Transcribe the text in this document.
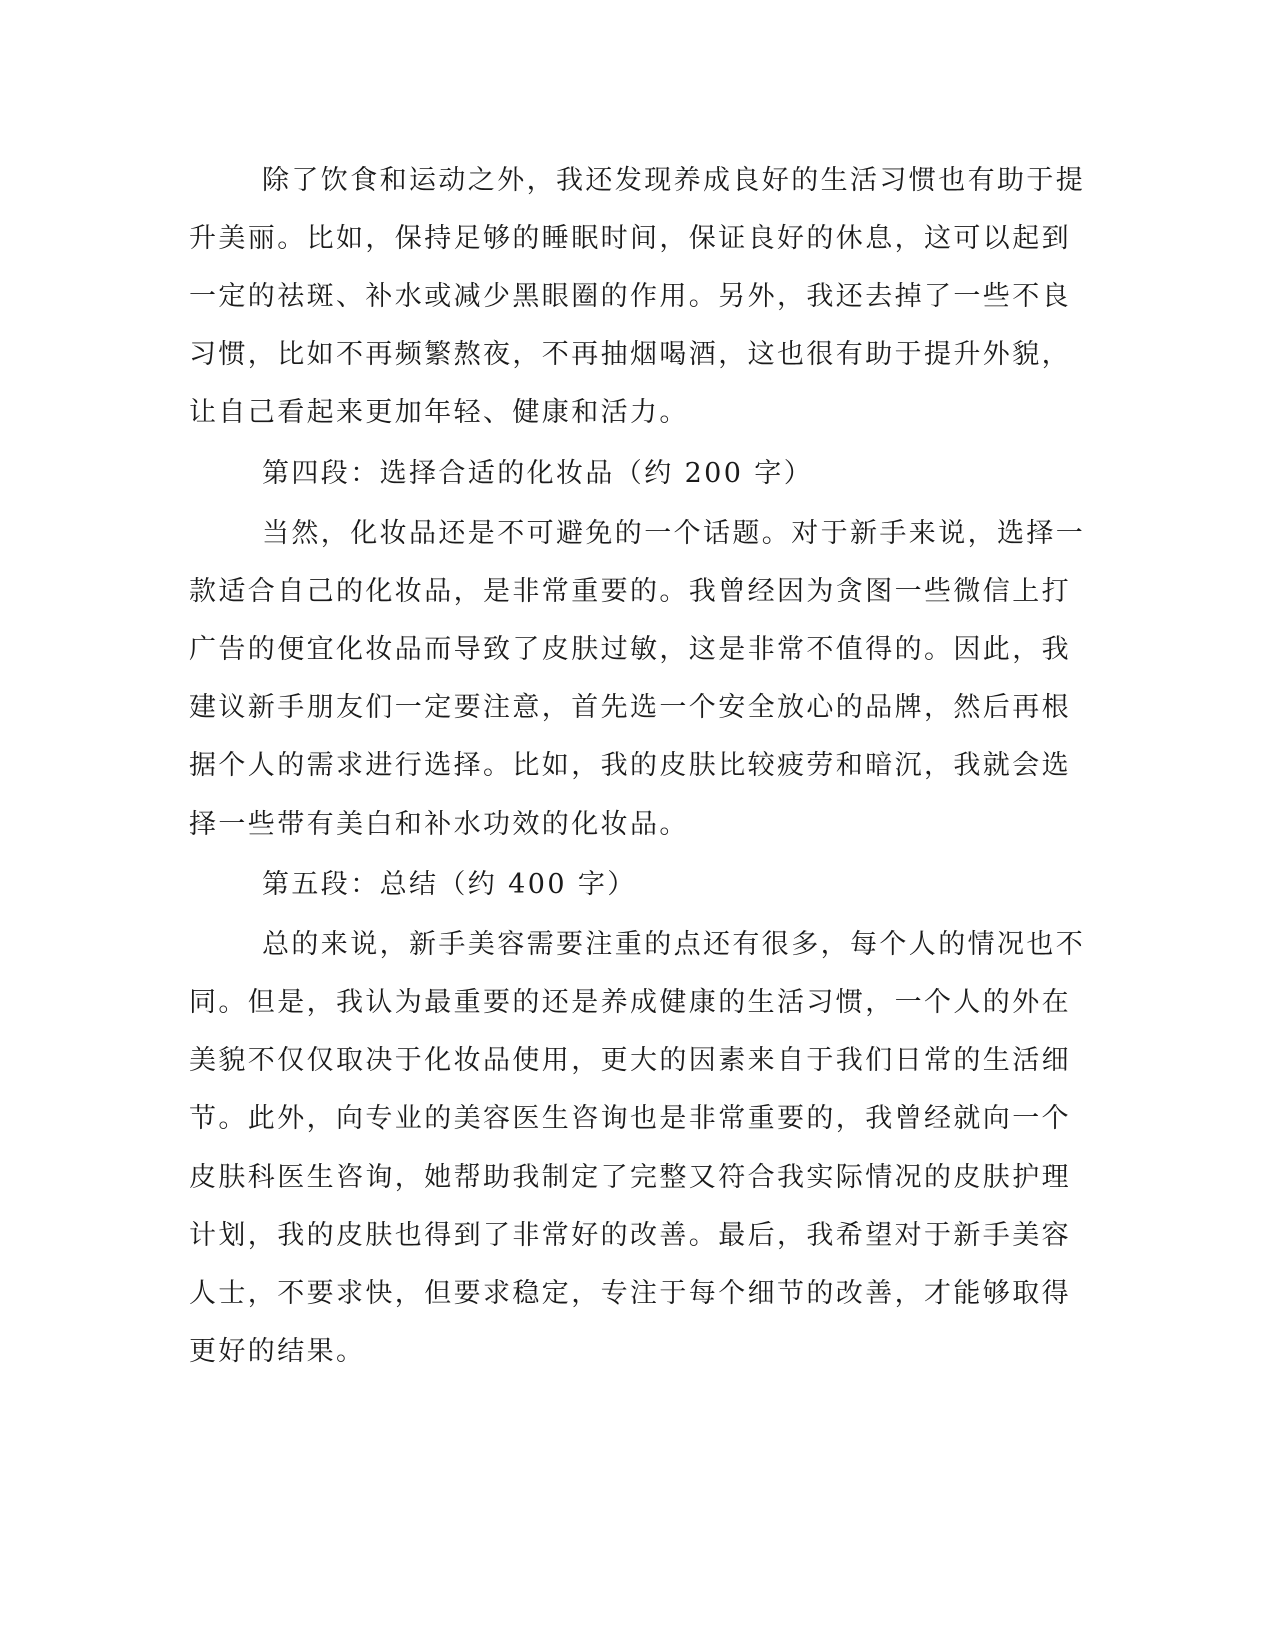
除了饮食和运动之外，我还发现养成良好的生活习惯也有助于提

升美丽。比如，保持足够的睡眠时间，保证良好的休息，这可以起到

一定的祛斑、补水或减少黑眼圈的作用。另外，我还去掉了一些不良

习惯，比如不再频繁熬夜，不再抽烟喝酒，这也很有助于提升外貌，

让自己看起来更加年轻、健康和活力。

第四段：选择合适的化妆品（约 200 字）

当然，化妆品还是不可避免的一个话题。对于新手来说，选择一

款适合自己的化妆品，是非常重要的。我曾经因为贪图一些微信上打

广告的便宜化妆品而导致了皮肤过敏，这是非常不值得的。因此，我

建议新手朋友们一定要注意，首先选一个安全放心的品牌，然后再根

据个人的需求进行选择。比如，我的皮肤比较疲劳和暗沉，我就会选

择一些带有美白和补水功效的化妆品。

第五段：总结（约 400 字）

总的来说，新手美容需要注重的点还有很多，每个人的情况也不

同。但是，我认为最重要的还是养成健康的生活习惯，一个人的外在

美貌不仅仅取决于化妆品使用，更大的因素来自于我们日常的生活细

节。此外，向专业的美容医生咨询也是非常重要的，我曾经就向一个

皮肤科医生咨询，她帮助我制定了完整又符合我实际情况的皮肤护理

计划，我的皮肤也得到了非常好的改善。最后，我希望对于新手美容

人士，不要求快，但要求稳定，专注于每个细节的改善，才能够取得

更好的结果。
